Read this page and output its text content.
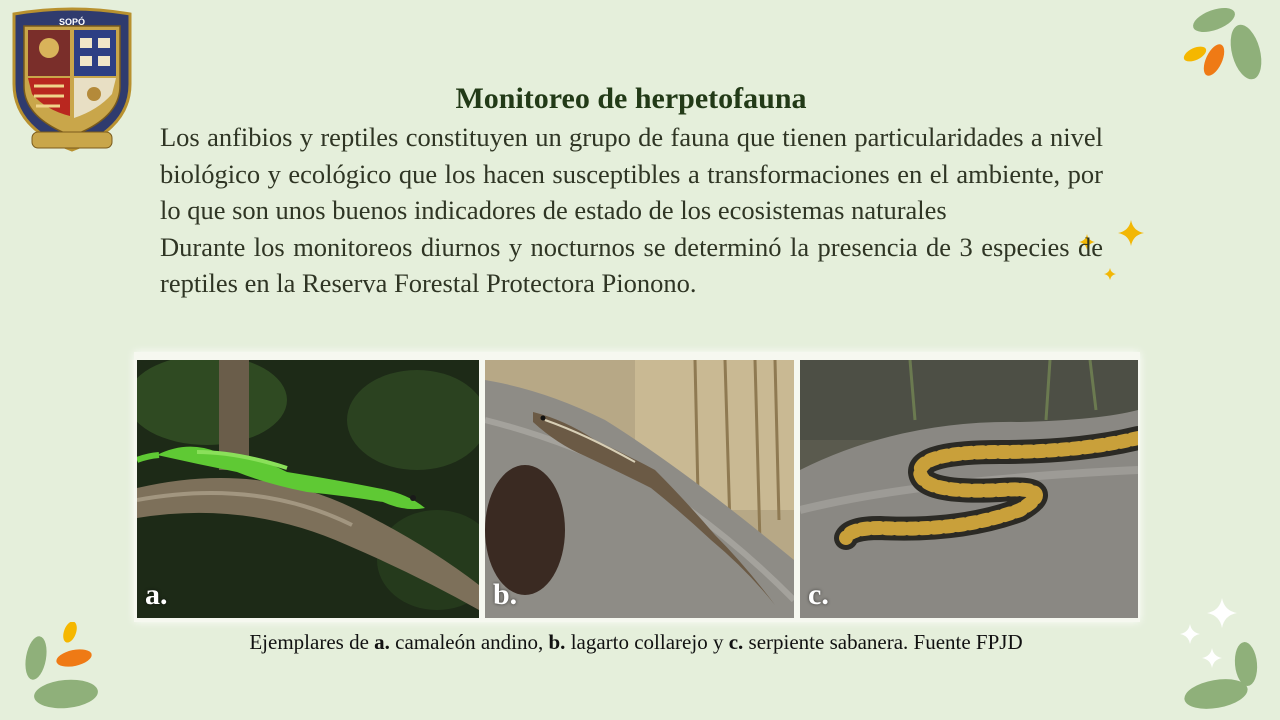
SOPÓ
Monitoreo de herpetofauna

Los anfibios y reptiles constituyen un grupo de fauna que tienen particularidades a nivel biológico y ecológico que los hacen susceptibles a transformaciones en el ambiente, por lo que son unos buenos indicadores de estado de los ecosistemas naturales

Durante los monitoreos diurnos y nocturnos se determinó la presencia de 3 especies de reptiles en la Reserva Forestal Protectora Pionono.

a.	b.	c.
Ejemplares de a. camaleón andino, b. lagarto collarejo y c. serpiente sabanera. Fuente FPJD
